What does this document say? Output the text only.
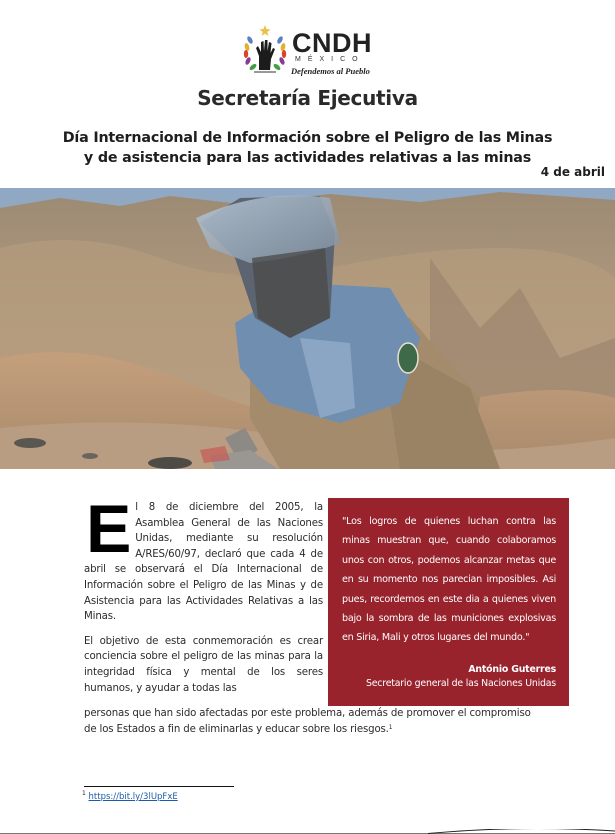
CNDH
MÉXICO
Defendemos al Pueblo
Secretaría Ejecutiva
Día Internacional de Información sobre el Peligro de las Minas
y de asistencia para las actividades relativas a las minas
4 de abril

El 8 de diciembre del 2005, la Asamblea General de las Naciones Unidas, mediante su resolución A/RES/60/97, declaró que cada 4 de abril se observará el Día Internacional de Información sobre el Peligro de las Minas y de Asistencia para las Actividades Relativas a las Minas.

El objetivo de esta conmemoración es crear conciencia sobre el peligro de las minas para la integridad física y mental de los seres humanos, y ayudar a todas las

personas que han sido afectadas por este problema, además de promover el compromiso de los Estados a fin de eliminarlas y educar sobre los riesgos.$^1$

"Los logros de quienes luchan contra las minas muestran que, cuando colaboramos unos con otros, podemos alcanzar metas que en su momento nos parecian imposibles. Asi pues, recordemos en este dia a quienes viven bajo la sombra de las municiones explosivas en Siria, Mali y otros lugares del mundo."

António Guterres
Secretario general de las Naciones Unidas
$^1$ https://bit.ly/3lUpFxE
